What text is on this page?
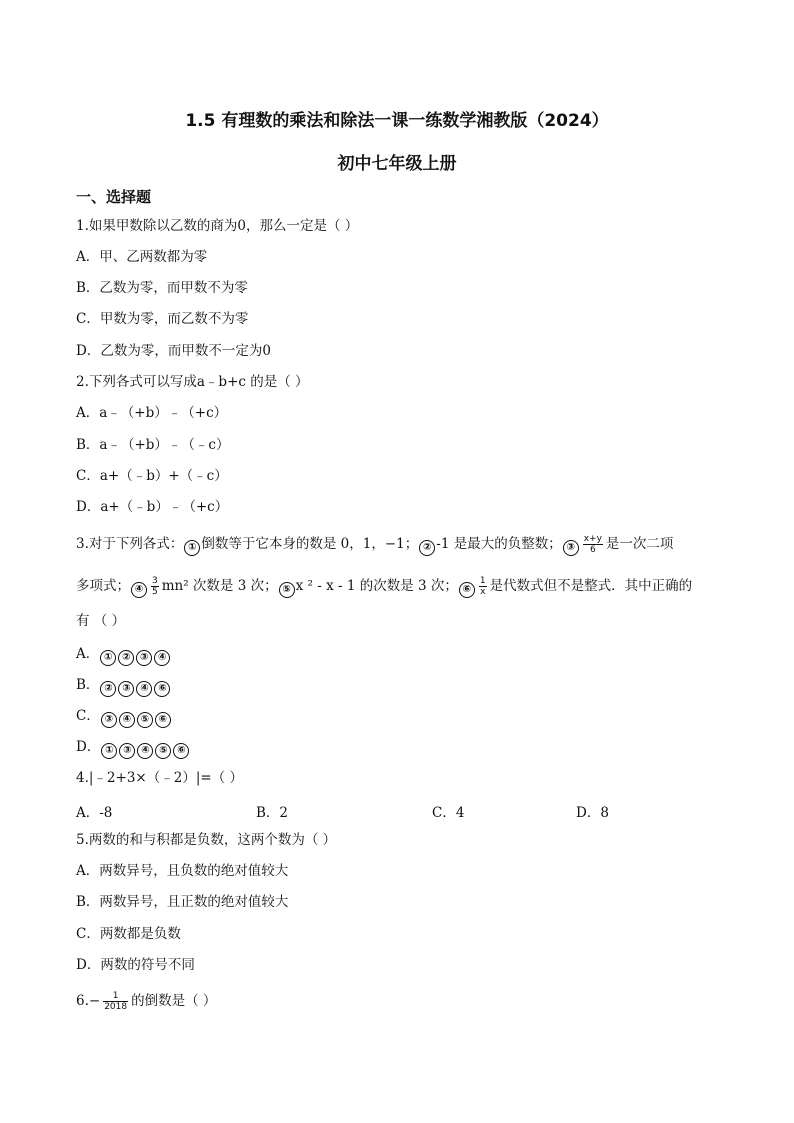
1.5 有理数的乘法和除法一课一练数学湘教版（2024）
初中七年级上册
一、选择题
1.如果甲数除以乙数的商为0，那么一定是（ ）
A．甲、乙两数都为零
B．乙数为零，而甲数不为零
C．甲数为零，而乙数不为零
D．乙数为零，而甲数不一定为0
2.下列各式可以写成a﹣b+c 的是（ ）
A．a﹣（+b）﹣（+c）
B．a﹣（+b）﹣（﹣c）
C．a+（﹣b）+（﹣c）
D．a+（﹣b）﹣（+c）
3.对于下列各式： ① 倒数等于它本身的数是 0，1，−1； ② -1 是最大的负整数； ③ $\frac{x+y}{6}$ 是一次二项
多项式； ④ $\frac{3}{5} mn^2$ 次数是 3 次； ⑤ x ² - x - 1 的次数是 3 次； ⑥ $\frac{1}{x}$ 是代数式但不是整式．其中正确的
有 （ ）
A． ① ② ③ ④
B． ② ③ ④ ⑥
C． ③ ④ ⑤ ⑥
D． ① ③ ④ ⑤ ⑥
4.|﹣2+3×（﹣2）|=（ ）
A．-8	B．2	C．4	D．8
5.两数的和与积都是负数，这两个数为（ ）
A．两数异号，且负数的绝对值较大
B．两数异号，且正数的绝对值较大
C．两数都是负数
D．两数的符号不同
$6.- \frac{1}{2018}$ 的倒数是（ ）
